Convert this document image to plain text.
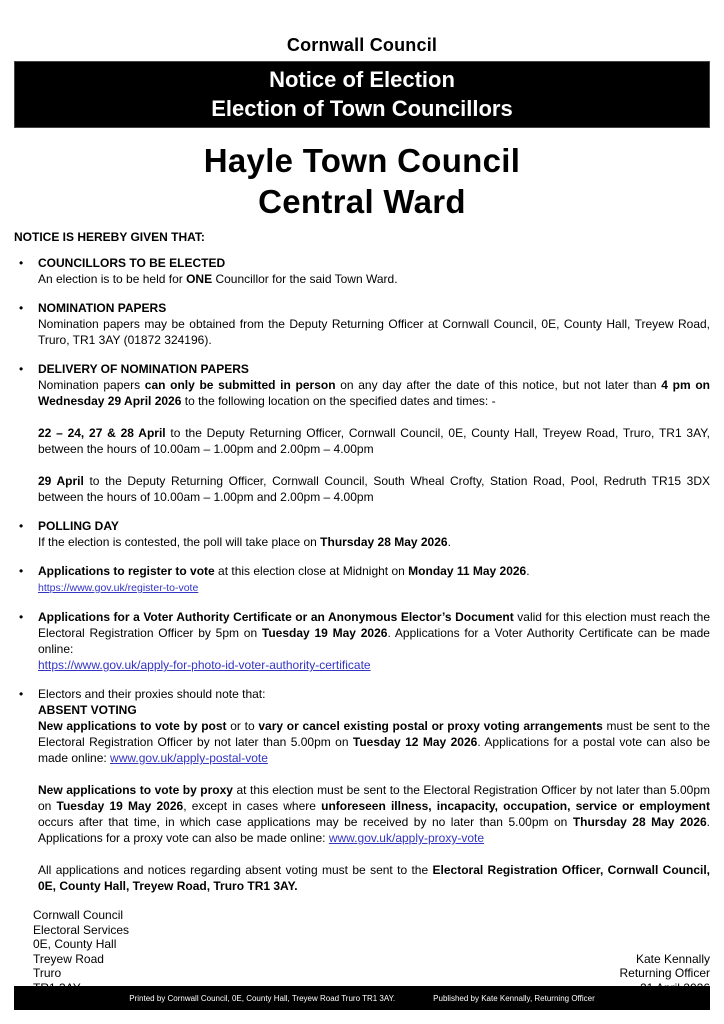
Cornwall Council
Notice of Election
Election of Town Councillors
Hayle Town Council
Central Ward
NOTICE IS HEREBY GIVEN THAT:
•	COUNCILLORS TO BE ELECTED
An election is to be held for ONE Councillor for the said Town Ward.
•	NOMINATION PAPERS
Nomination papers may be obtained from the Deputy Returning Officer at Cornwall Council, 0E, County Hall, Treyew Road, Truro, TR1 3AY (01872 324196).
•	DELIVERY OF NOMINATION PAPERS
Nomination papers can only be submitted in person on any day after the date of this notice, but not later than 4 pm on Wednesday 29 April 2026 to the following location on the specified dates and times: -
22 – 24, 27 & 28 April to the Deputy Returning Officer, Cornwall Council, 0E, County Hall, Treyew Road, Truro, TR1 3AY, between the hours of 10.00am – 1.00pm and 2.00pm – 4.00pm
29 April to the Deputy Returning Officer, Cornwall Council, South Wheal Crofty, Station Road, Pool, Redruth TR15 3DX between the hours of 10.00am – 1.00pm and 2.00pm – 4.00pm
•	POLLING DAY
If the election is contested, the poll will take place on Thursday 28 May 2026.
•	Applications to register to vote at this election close at Midnight on Monday 11 May 2026.
https://www.gov.uk/register-to-vote
•	Applications for a Voter Authority Certificate or an Anonymous Elector’s Document valid for this election must reach the Electoral Registration Officer by 5pm on Tuesday 19 May 2026. Applications for a Voter Authority Certificate can be made online:
https://www.gov.uk/apply-for-photo-id-voter-authority-certificate
•	Electors and their proxies should note that:
ABSENT VOTING
New applications to vote by post or to vary or cancel existing postal or proxy voting arrangements must be sent to the Electoral Registration Officer by not later than 5.00pm on Tuesday 12 May 2026. Applications for a postal vote can also be made online: www.gov.uk/apply-postal-vote
New applications to vote by proxy at this election must be sent to the Electoral Registration Officer by not later than 5.00pm on Tuesday 19 May 2026, except in cases where unforeseen illness, incapacity, occupation, service or employment occurs after that time, in which case applications may be received by no later than 5.00pm on Thursday 28 May 2026. Applications for a proxy vote can also be made online: www.gov.uk/apply-proxy-vote
All applications and notices regarding absent voting must be sent to the Electoral Registration Officer, Cornwall Council, 0E, County Hall, Treyew Road, Truro TR1 3AY.
Cornwall Council
Electoral Services
0E, County Hall
Treyew Road
Truro
Kate Kennally
Returning Officer
Printed by Cornwall Council, 0E, County Hall, Treyew Road Truro TR1 3AY.	Published by Kate Kennally, Returning Officer
